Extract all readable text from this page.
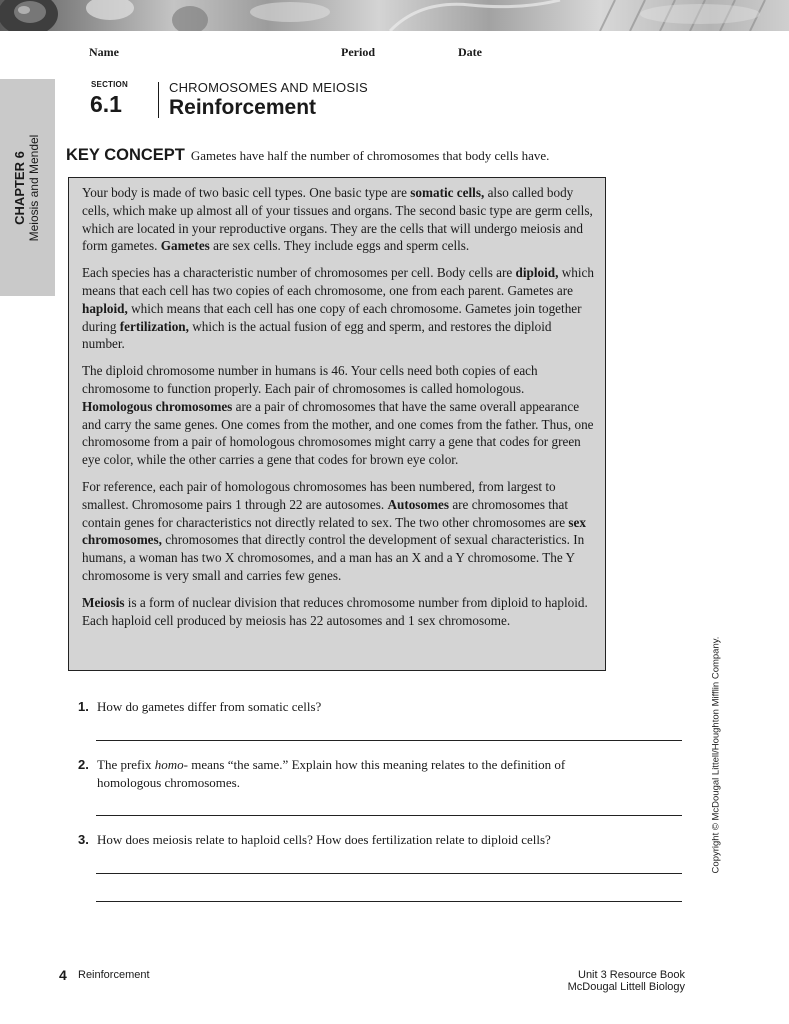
Name	Period	Date
CHAPTER 6 Meiosis and Mendel
SECTION
6.1
CHROMOSOMES AND MEIOSIS
Reinforcement
KEY CONCEPT Gametes have half the number of chromosomes that body cells have.

Your body is made of two basic cell types. One basic type are somatic cells, also called body cells, which make up almost all of your tissues and organs. The second basic type are germ cells, which are located in your reproductive organs. They are the cells that will undergo meiosis and form gametes. Gametes are sex cells. They include eggs and sperm cells.

Each species has a characteristic number of chromosomes per cell. Body cells are diploid, which means that each cell has two copies of each chromosome, one from each parent. Gametes are haploid, which means that each cell has one copy of each chromosome. Gametes join together during fertilization, which is the actual fusion of egg and sperm, and restores the diploid number.

The diploid chromosome number in humans is 46. Your cells need both copies of each chromosome to function properly. Each pair of chromosomes is called homologous. Homologous chromosomes are a pair of chromosomes that have the same overall appearance and carry the same genes. One comes from the mother, and one comes from the father. Thus, one chromosome from a pair of homologous chromosomes might carry a gene that codes for green eye color, while the other carries a gene that codes for brown eye color.

For reference, each pair of homologous chromosomes has been numbered, from largest to smallest. Chromosome pairs 1 through 22 are autosomes. Autosomes are chromosomes that contain genes for characteristics not directly related to sex. The two other chromosomes are sex chromosomes, chromosomes that directly control the development of sexual characteristics. In humans, a woman has two X chromosomes, and a man has an X and a Y chromosome. The Y chromosome is very small and carries few genes.

Meiosis is a form of nuclear division that reduces chromosome number from diploid to haploid. Each haploid cell produced by meiosis has 22 autosomes and 1 sex chromosome.

1. How do gametes differ from somatic cells?
2. The prefix homo- means “the same.” Explain how this meaning relates to the definition of homologous chromosomes.
3. How does meiosis relate to haploid cells? How does fertilization relate to diploid cells?	Copyright © McDougal Littell/Houghton Mifflin Company.
4 Reinforcement	Unit 3 Resource Book
McDougal Littell Biology
